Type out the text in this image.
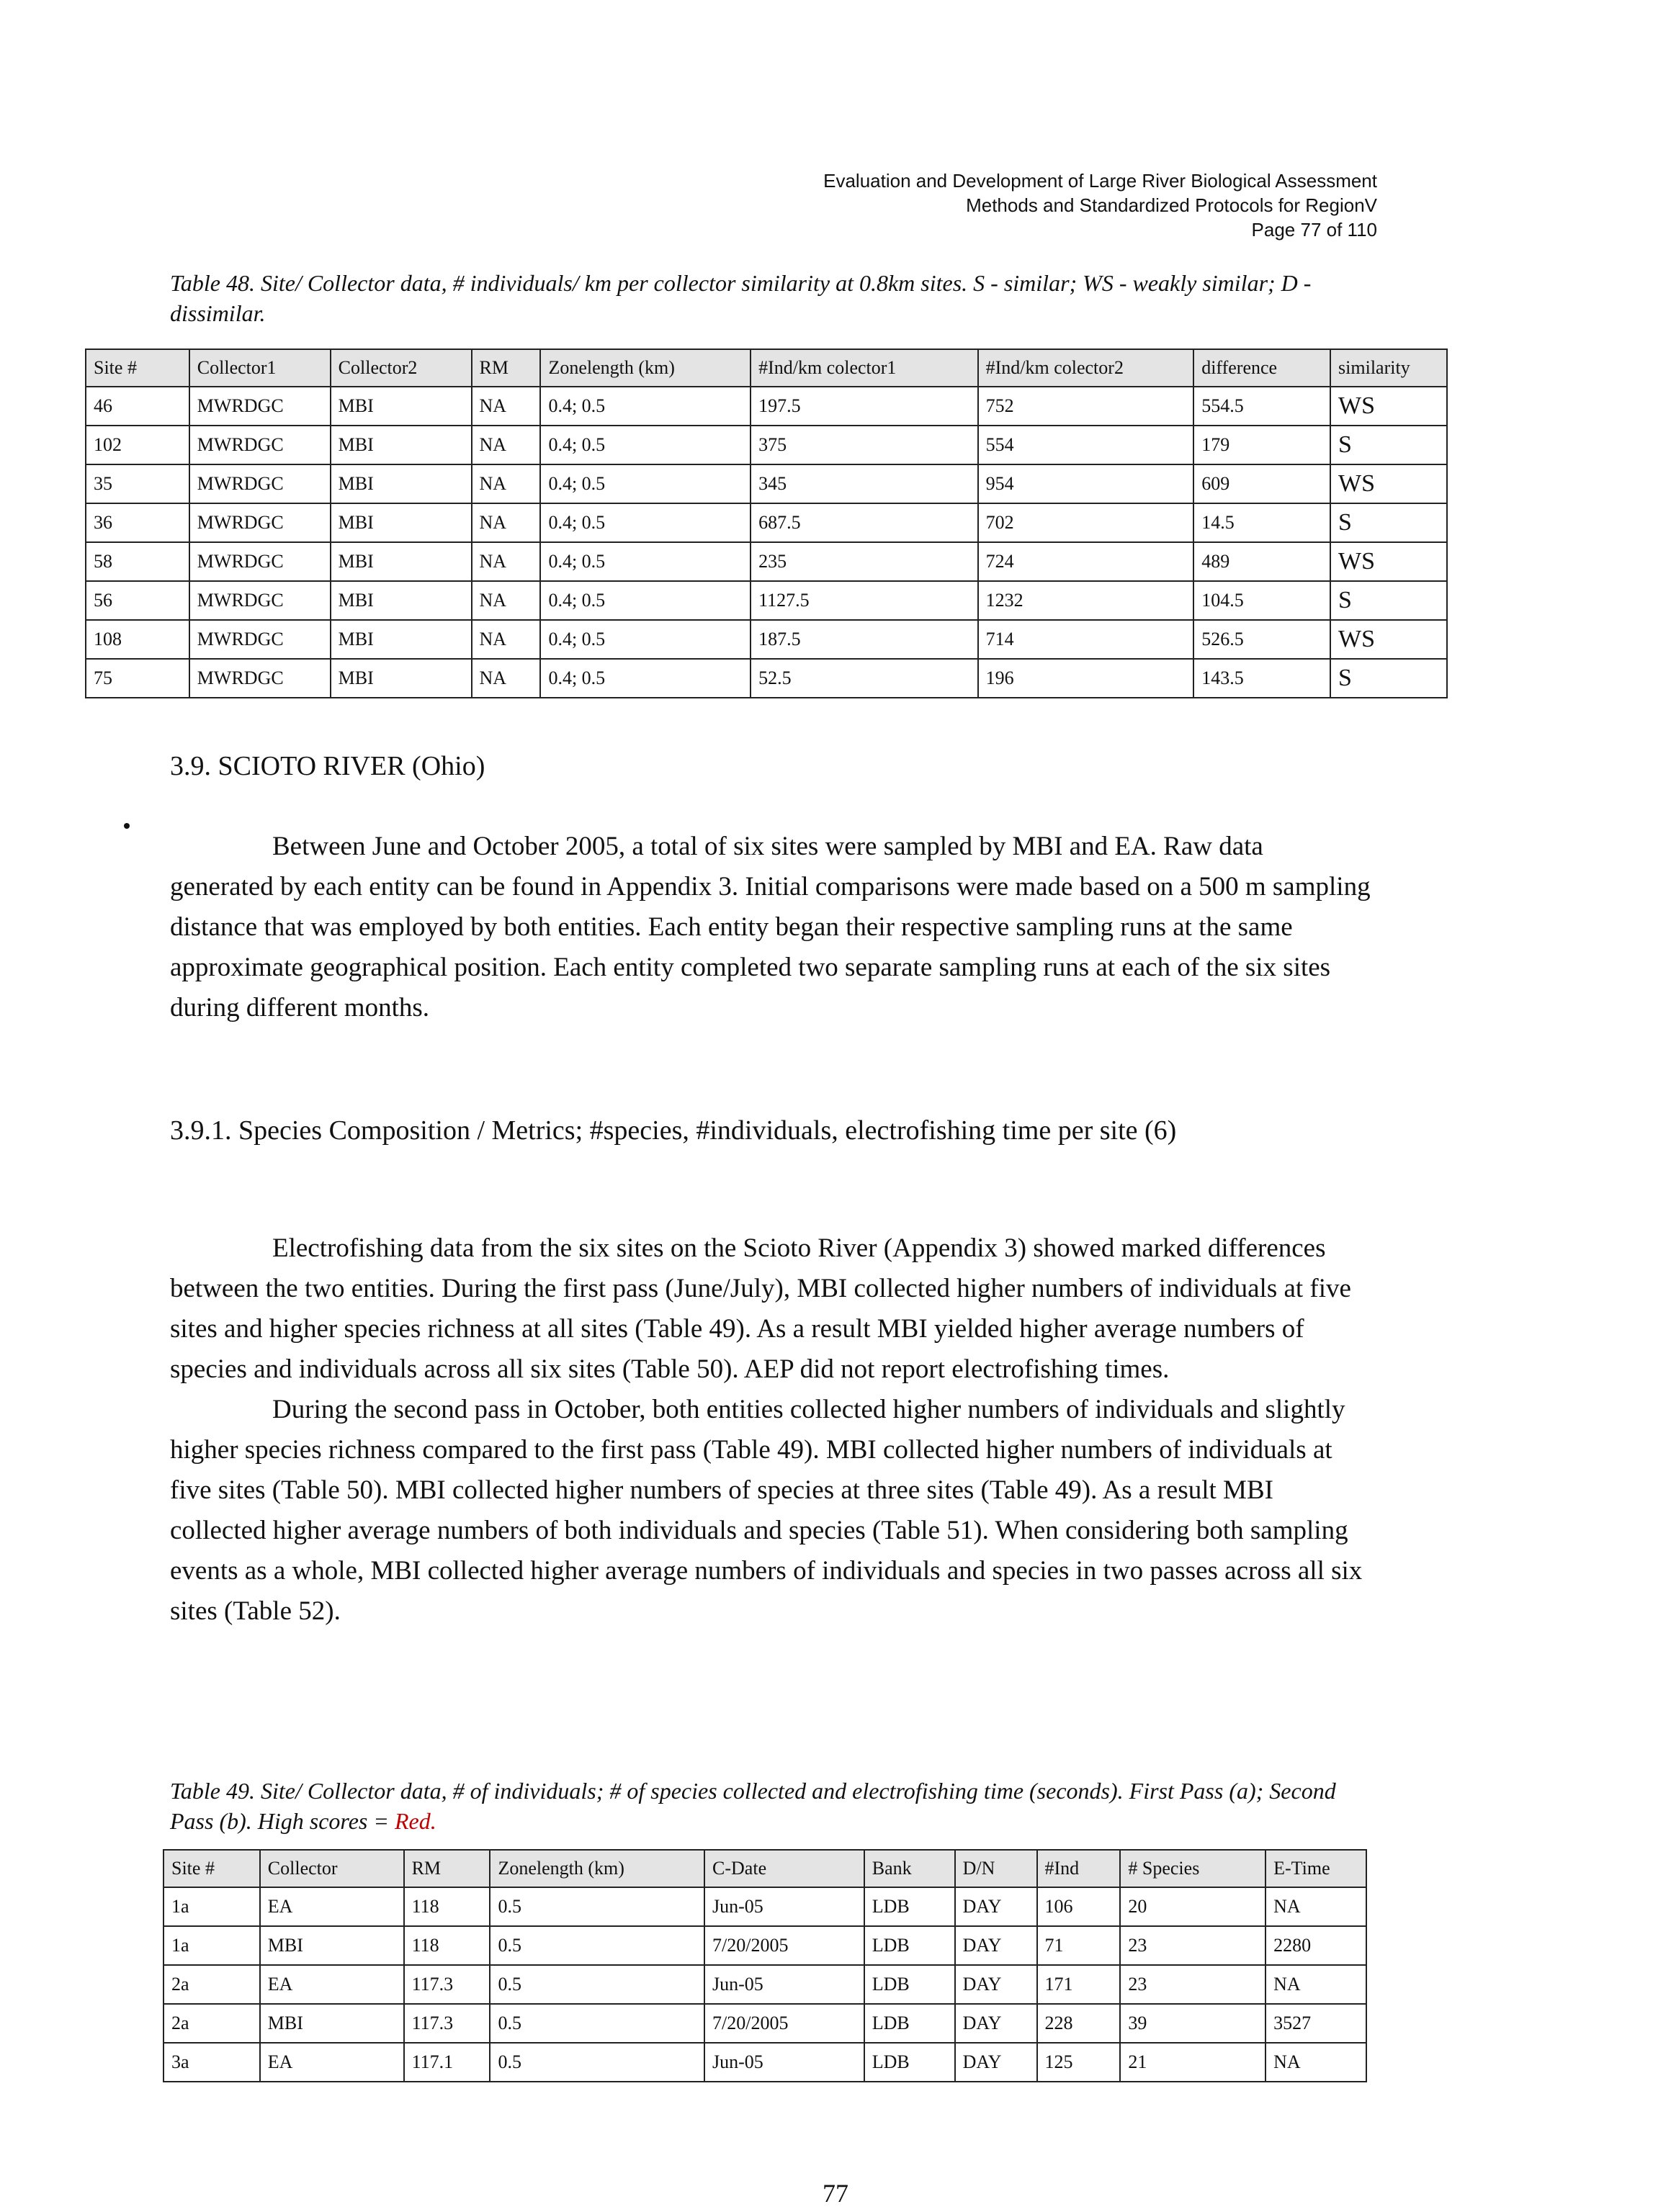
Evaluation and Development of Large River Biological Assessment
Methods and Standardized Protocols for RegionV
Page 77 of 110
Table 48. Site/ Collector data, # individuals/ km per collector similarity at 0.8km sites. S - similar; WS - weakly similar; D - dissimilar.
Site #	Collector1	Collector2	RM	Zonelength (km)	#Ind/km colector1	#Ind/km colector2	difference	similarity
46	MWRDGC	MBI	NA	0.4; 0.5	197.5	752	554.5	WS
102	MWRDGC	MBI	NA	0.4; 0.5	375	554	179	S
35	MWRDGC	MBI	NA	0.4; 0.5	345	954	609	WS
36	MWRDGC	MBI	NA	0.4; 0.5	687.5	702	14.5	S
58	MWRDGC	MBI	NA	0.4; 0.5	235	724	489	WS
56	MWRDGC	MBI	NA	0.4; 0.5	1127.5	1232	104.5	S
108	MWRDGC	MBI	NA	0.4; 0.5	187.5	714	526.5	WS
75	MWRDGC	MBI	NA	0.4; 0.5	52.5	196	143.5	S
3.9. SCIOTO RIVER (Ohio)

Between June and October 2005, a total of six sites were sampled by MBI and EA. Raw data generated by each entity can be found in Appendix 3. Initial comparisons were made based on a 500 m sampling distance that was employed by both entities. Each entity began their respective sampling runs at the same approximate geographical position. Each entity completed two separate sampling runs at each of the six sites during different months.

3.9.1. Species Composition / Metrics; #species, #individuals, electrofishing time per site (6)

Electrofishing data from the six sites on the Scioto River (Appendix 3) showed marked differences between the two entities. During the first pass (June/July), MBI collected higher numbers of individuals at five sites and higher species richness at all sites (Table 49). As a result MBI yielded higher average numbers of species and individuals across all six sites (Table 50). AEP did not report electrofishing times.

During the second pass in October, both entities collected higher numbers of individuals and slightly higher species richness compared to the first pass (Table 49). MBI collected higher numbers of individuals at five sites (Table 50). MBI collected higher numbers of species at three sites (Table 49). As a result MBI collected higher average numbers of both individuals and species (Table 51). When considering both sampling events as a whole, MBI collected higher average numbers of individuals and species in two passes across all six sites (Table 52).

Table 49. Site/ Collector data, # of individuals; # of species collected and electrofishing time (seconds). First Pass (a); Second Pass (b). High scores = Red.
Site #	Collector	RM	Zonelength (km)	C-Date	Bank	D/N	#Ind	# Species	E-Time
1a	EA	118	0.5	Jun-05	LDB	DAY	106	20	NA
1a	MBI	118	0.5	7/20/2005	LDB	DAY	71	23	2280
2a	EA	117.3	0.5	Jun-05	LDB	DAY	171	23	NA
2a	MBI	117.3	0.5	7/20/2005	LDB	DAY	228	39	3527
3a	EA	117.1	0.5	Jun-05	LDB	DAY	125	21	NA
77
